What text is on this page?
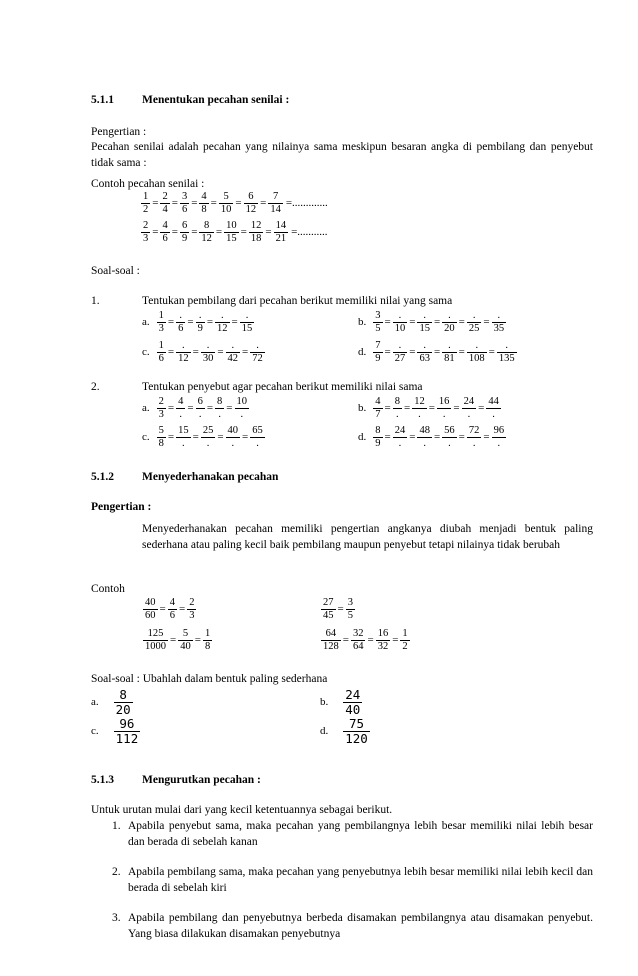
5.1.1 Menentukan pecahan senilai :
Pengertian :
Pecahan senilai adalah pecahan yang nilainya sama meskipun besaran angka di pembilang dan penyebut tidak sama :
Contoh pecahan senilai :
$\frac{1}{2} = \frac{2}{4} = \frac{3}{6} = \frac{4}{8} = \frac{5}{10} = \frac{6}{12} = \frac{7}{14}$ =.............
$\frac{2}{3} = \frac{4}{6} = \frac{6}{9} = \frac{8}{12} = \frac{10}{15} = \frac{12}{18} = \frac{14}{21}$ =...........
Soal-soal :
1.	Tentukan pembilang dari pecahan berikut memiliki nilai yang sama
a. $\frac{1}{3} = \frac{.}{6} = \frac{.}{9} = \frac{.}{12} = \frac{.}{15}$	b. $\frac{3}{5} = \frac{.}{10} = \frac{.}{15} = \frac{.}{20} = \frac{.}{25} = \frac{.}{35}$
c. $\frac{1}{6} = \frac{.}{12} = \frac{.}{30} = \frac{.}{42} = \frac{.}{72}$	d. $\frac{7}{9} = \frac{.}{27} = \frac{.}{63} = \frac{.}{81} = \frac{.}{108} = \frac{.}{135}$
2.	Tentukan penyebut agar pecahan berikut memiliki nilai sama
a. $\frac{2}{3} = \frac{4}{.} = \frac{6}{.} = \frac{8}{.} = \frac{10}{.}$	b. $\frac{4}{7} = \frac{8}{.} = \frac{12}{.} = \frac{16}{.} = \frac{24}{.} = \frac{44}{.}$
c. $\frac{5}{8} = \frac{15}{.} = \frac{25}{.} = \frac{40}{.} = \frac{65}{.}$	d. $\frac{8}{9} = \frac{24}{.} = \frac{48}{.} = \frac{56}{.} = \frac{72}{.} = \frac{96}{.}$
5.1.2 Menyederhanakan pecahan
Pengertian :
Menyederhanakan pecahan memiliki pengertian angkanya diubah menjadi bentuk paling sederhana atau paling kecil baik pembilang maupun penyebut tetapi nilainya tidak berubah
Contoh
$\frac{40}{60} = \frac{4}{6} = \frac{2}{3}$	$\frac{27}{45} = \frac{3}{5}$
$\frac{125}{1000} = \frac{5}{40} = \frac{1}{8}$	$\frac{64}{128} = \frac{32}{64} = \frac{16}{32} = \frac{1}{2}$
Soal-soal : Ubahlah dalam bentuk paling sederhana
a. $\frac{8}{20}$	b. $\frac{24}{40}$
c. $\frac{96}{112}$	d. $\frac{75}{120}$
5.1.3 Mengurutkan pecahan :
Untuk urutan mulai dari yang kecil ketentuannya sebagai berikut.
1. Apabila penyebut sama, maka pecahan yang pembilangnya lebih besar memiliki nilai lebih besar dan berada di sebelah kanan
2. Apabila pembilang sama, maka pecahan yang penyebutnya lebih besar memiliki nilai lebih kecil dan berada di sebelah kiri
3. Apabila pembilang dan penyebutnya berbeda disamakan pembilangnya atau disamakan penyebut. Yang biasa dilakukan disamakan penyebutnya
